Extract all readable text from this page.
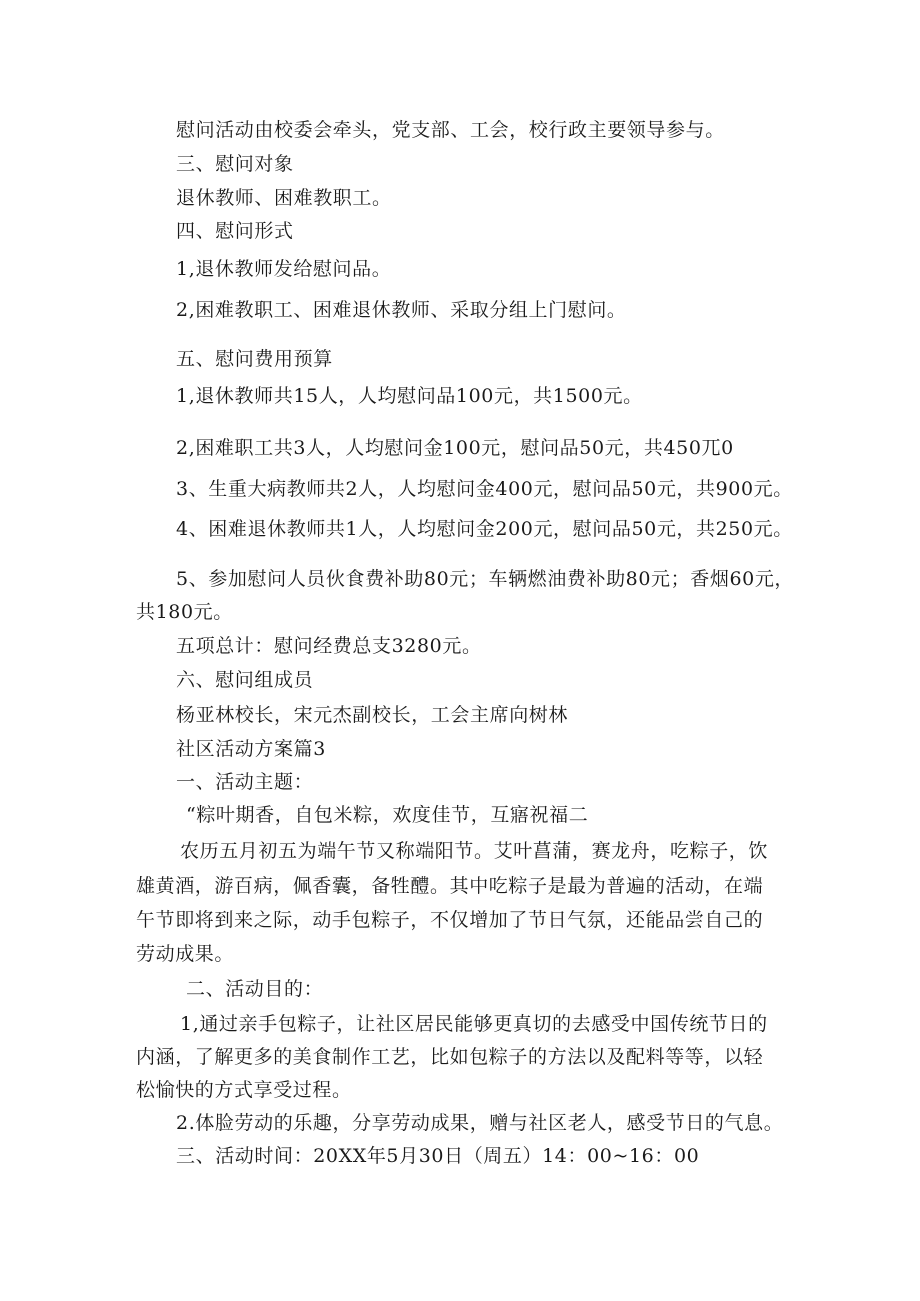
慰问活动由校委会牵头，党支部、工会，校行政主要领导参与。
三、慰问对象
退休教师、困难教职工。
四、慰问形式
1,退休教师发给慰问品。
2,困难教职工、困难退休教师、采取分组上门慰问。
五、慰问费用预算
1,退休教师共15人，人均慰问品100元，共1500元。
2,困难职工共3人，人均慰问金100元，慰问品50元，共450兀0
3、生重大病教师共2人，人均慰问金400元，慰问品50元，共900元。
4、困难退休教师共1人，人均慰问金200元，慰问品50元，共250元。
5、参加慰问人员伙食费补助80元；车辆燃油费补助80元；香烟60元，
共180元。
五项总计：慰问经费总支3280元。
六、慰问组成员
杨亚林校长，宋元杰副校长，工会主席向树林
社区活动方案篇3
一、活动主题：
“粽叶期香，自包米粽，欢度佳节，互寤祝福二
农历五月初五为端午节又称端阳节。艾叶菖蒲，赛龙舟，吃粽子，饮
雄黄酒，游百病，佩香囊，备牲醴。其中吃粽子是最为普遍的活动，在端
午节即将到来之际，动手包粽子，不仅增加了节日气氛，还能品尝自己的
劳动成果。
二、活动目的：
1,通过亲手包粽子，让社区居民能够更真切的去感受中国传统节日的
内涵，了解更多的美食制作工艺，比如包粽子的方法以及配料等等，以轻
松愉快的方式享受过程。
2.体脸劳动的乐趣，分享劳动成果，赠与社区老人，感受节日的气息。
三、活动时间：20XX年5月30日（周五）14：00~16：00
